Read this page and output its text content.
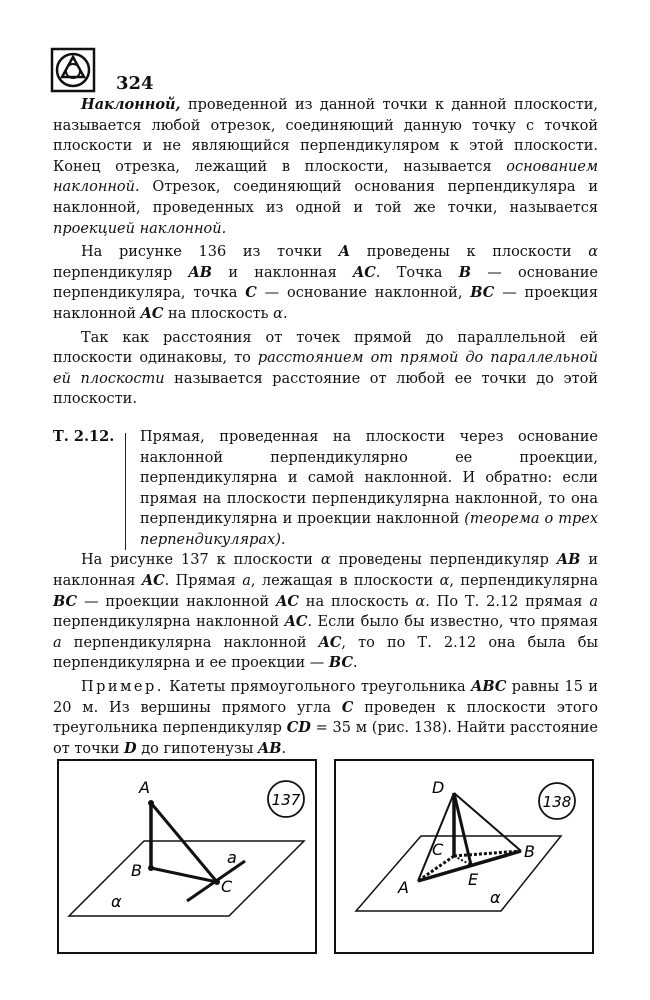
324

Наклонной, проведенной из данной точки к данной плоскости, называется любой отрезок, соединяющий данную точку с точкой плоскости и не являющийся перпендикуляром к этой плоскости. Конец отрезка, лежащий в плоскости, называется основанием наклонной. Отрезок, соединяющий основания перпендикуляра и наклонной, проведенных из одной и той же точки, называется проекцией наклонной.

На рисунке 136 из точки A проведены к плоскости α перпендикуляр AB и наклонная AC. Точка B — основание перпендикуляра, точка C — основание наклонной, BC — проекция наклонной AC на плоскость α.

Так как расстояния от точек прямой до параллельной ей плоскости одинаковы, то расстоянием от прямой до параллельной ей плоскости называется расстояние от любой ее точки до этой плоскости.

Т. 2.12.	Прямая, проведенная на плоскости через основание наклонной перпендикулярно ее проекции, перпендикулярна и самой наклонной. И обратно: если прямая на плоскости перпендикулярна наклонной, то она перпендикулярна и проекции наклонной (теорема о трех перпендикулярах).

На рисунке 137 к плоскости α проведены перпендикуляр AB и наклонная AC. Прямая a, лежащая в плоскости α, перпендикулярна BC — проекции наклонной AC на плоскость α. По Т. 2.12 прямая a перпендикулярна наклонной AC. Если было бы известно, что прямая a перпендикулярна наклонной AC, то по Т. 2.12 она была бы перпендикулярна и ее проекции — BC.

Пример. Катеты прямоугольного треугольника ABC равны 15 и 20 м. Из вершины прямого угла C проведен к плоскости этого треугольника перпендикуляр CD = 35 м (рис. 138). Найти расстояние от точки D до гипотенузы AB.

137
A
B
C
a
α
138
D
C	B
A	E
α
